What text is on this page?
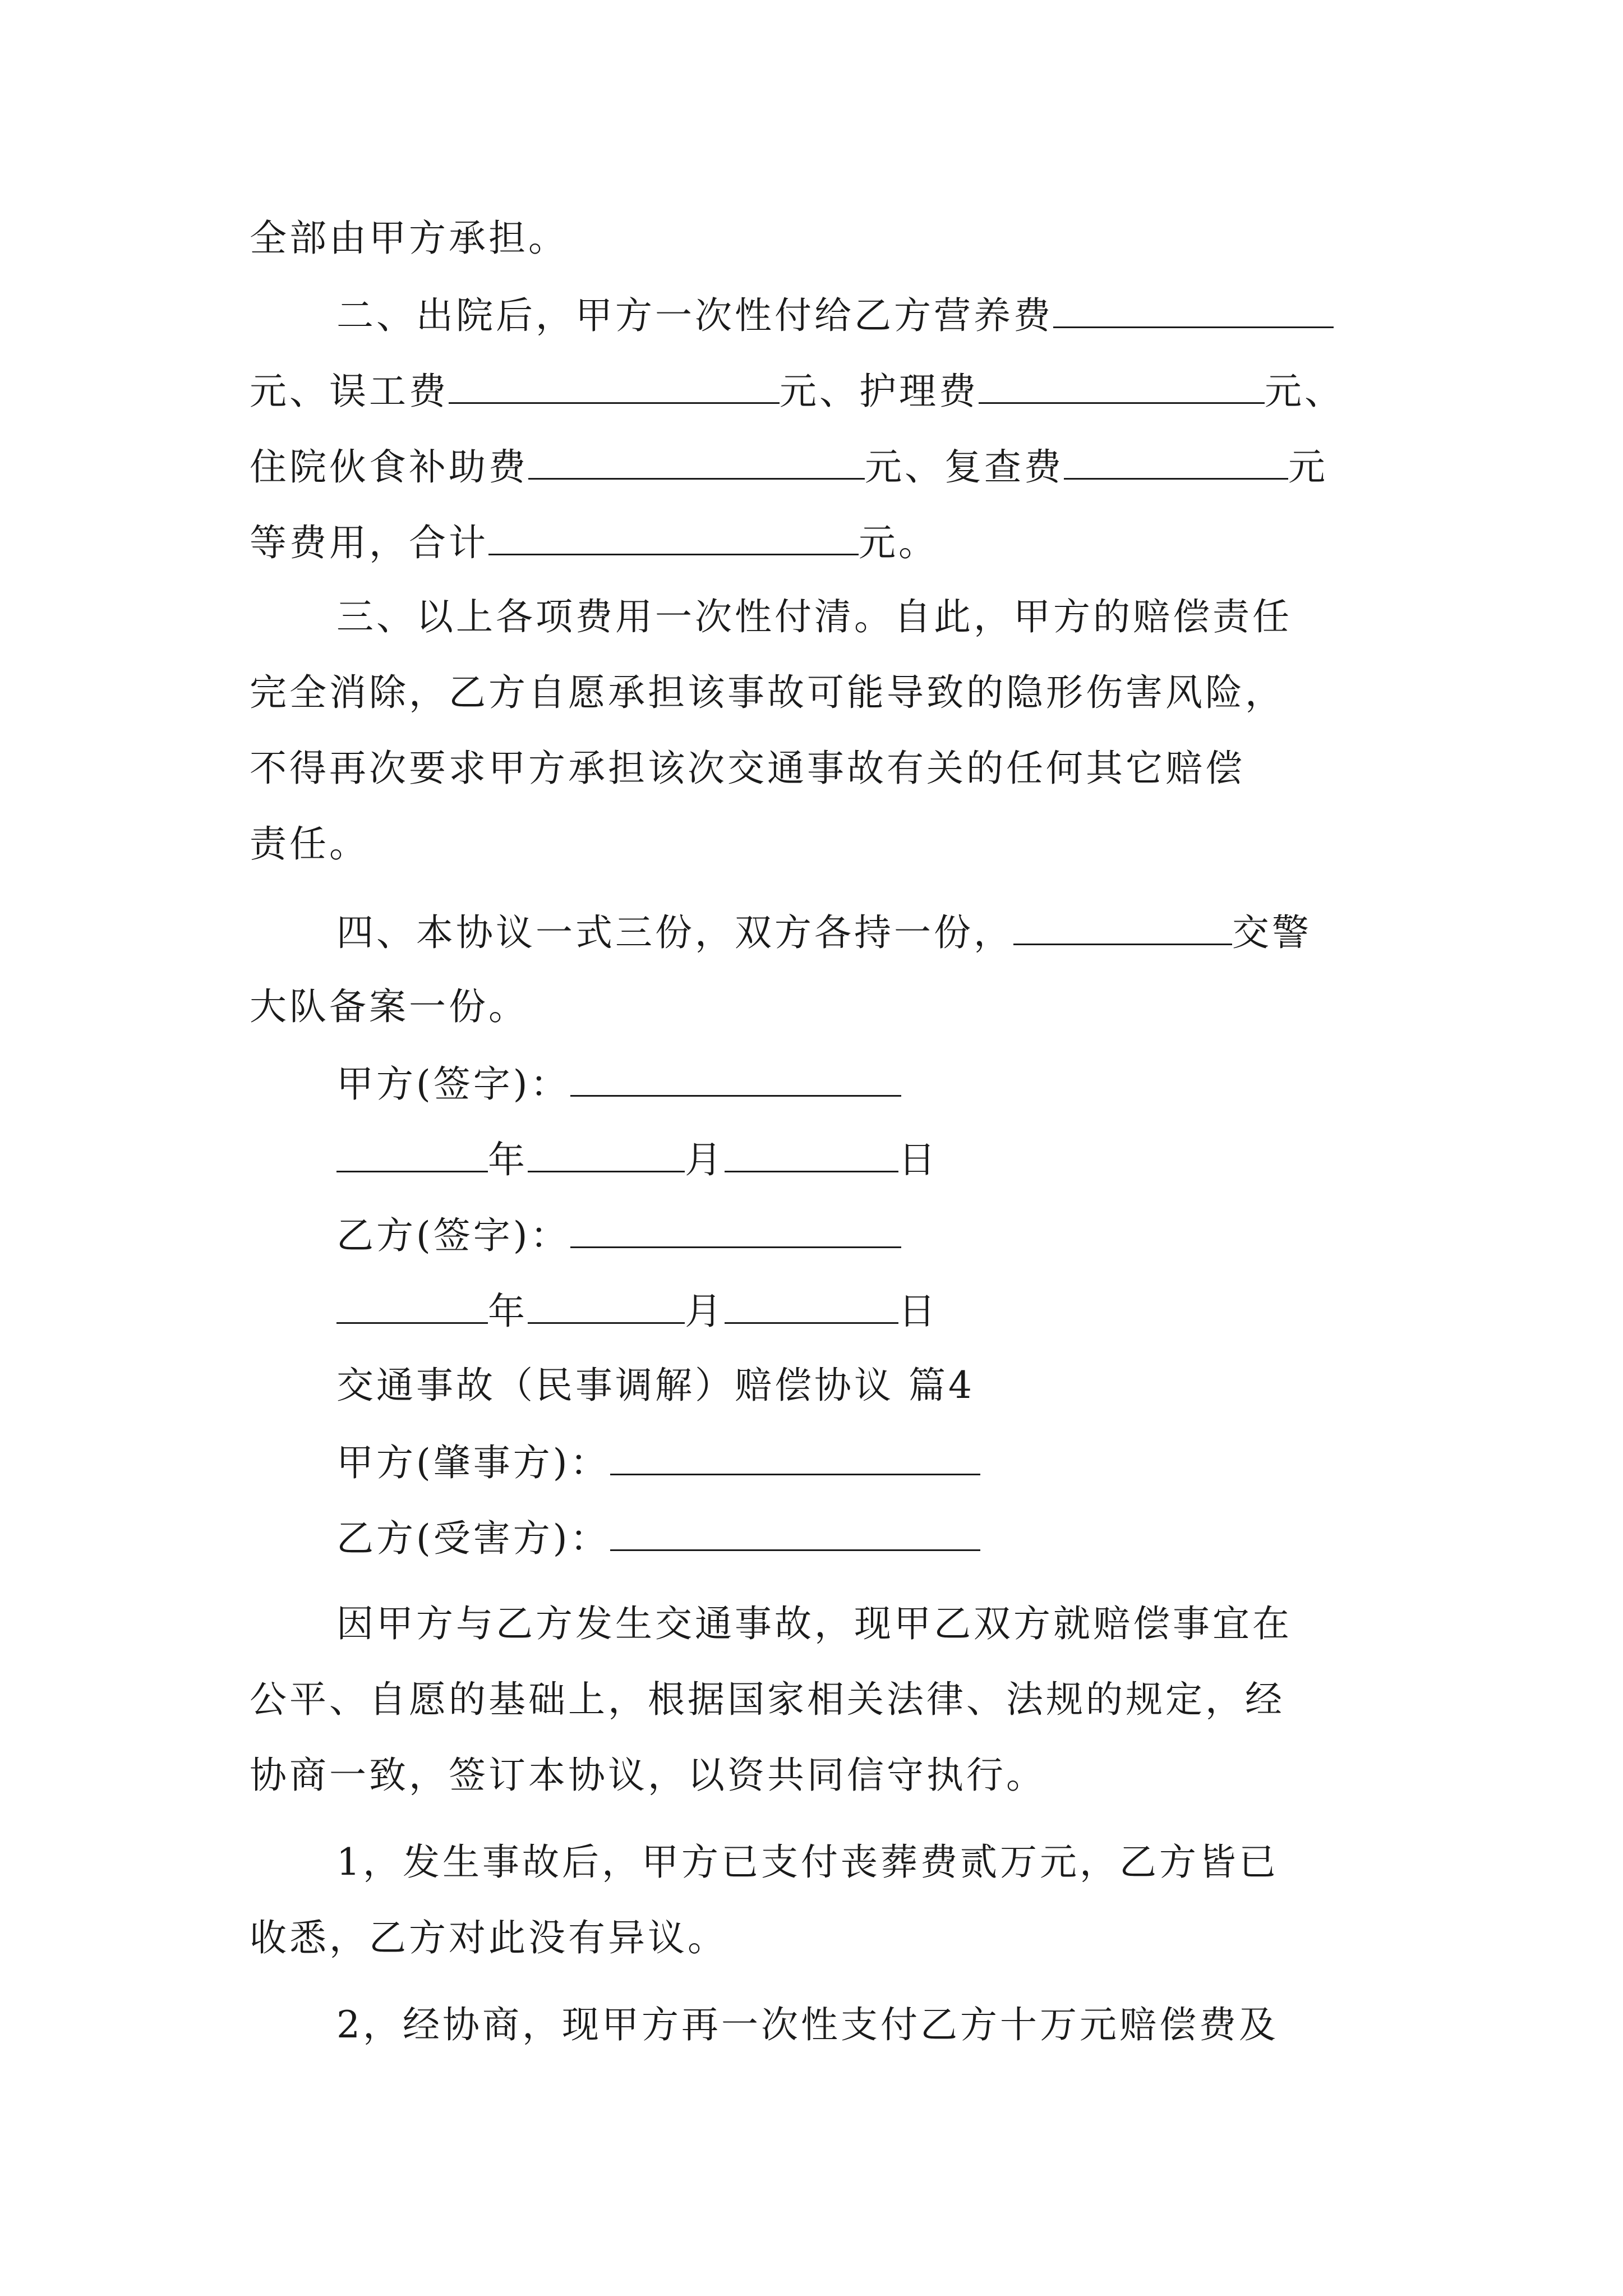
全部由甲方承担。
二、出院后，甲方一次性付给乙方营养费
元、误工费	元、护理费	元、
住院伙食补助费	元、复查费	元
等费用，合计	元。
三、以上各项费用一次性付清。自此，甲方的赔偿责任
完全消除，乙方自愿承担该事故可能导致的隐形伤害风险，
不得再次要求甲方承担该次交通事故有关的任何其它赔偿
责任。
四、本协议一式三份，双方各持一份，	交警
大队备案一份。
甲方(签字)：
年	月	日
乙方(签字)：
年	月	日
交通事故（民事调解）赔偿协议 篇4
甲方(肇事方)：
乙方(受害方)：
因甲方与乙方发生交通事故，现甲乙双方就赔偿事宜在
公平、自愿的基础上，根据国家相关法律、法规的规定，经
协商一致，签订本协议，以资共同信守执行。
1，发生事故后，甲方已支付丧葬费贰万元，乙方皆已
收悉，乙方对此没有异议。
2，经协商，现甲方再一次性支付乙方十万元赔偿费及
